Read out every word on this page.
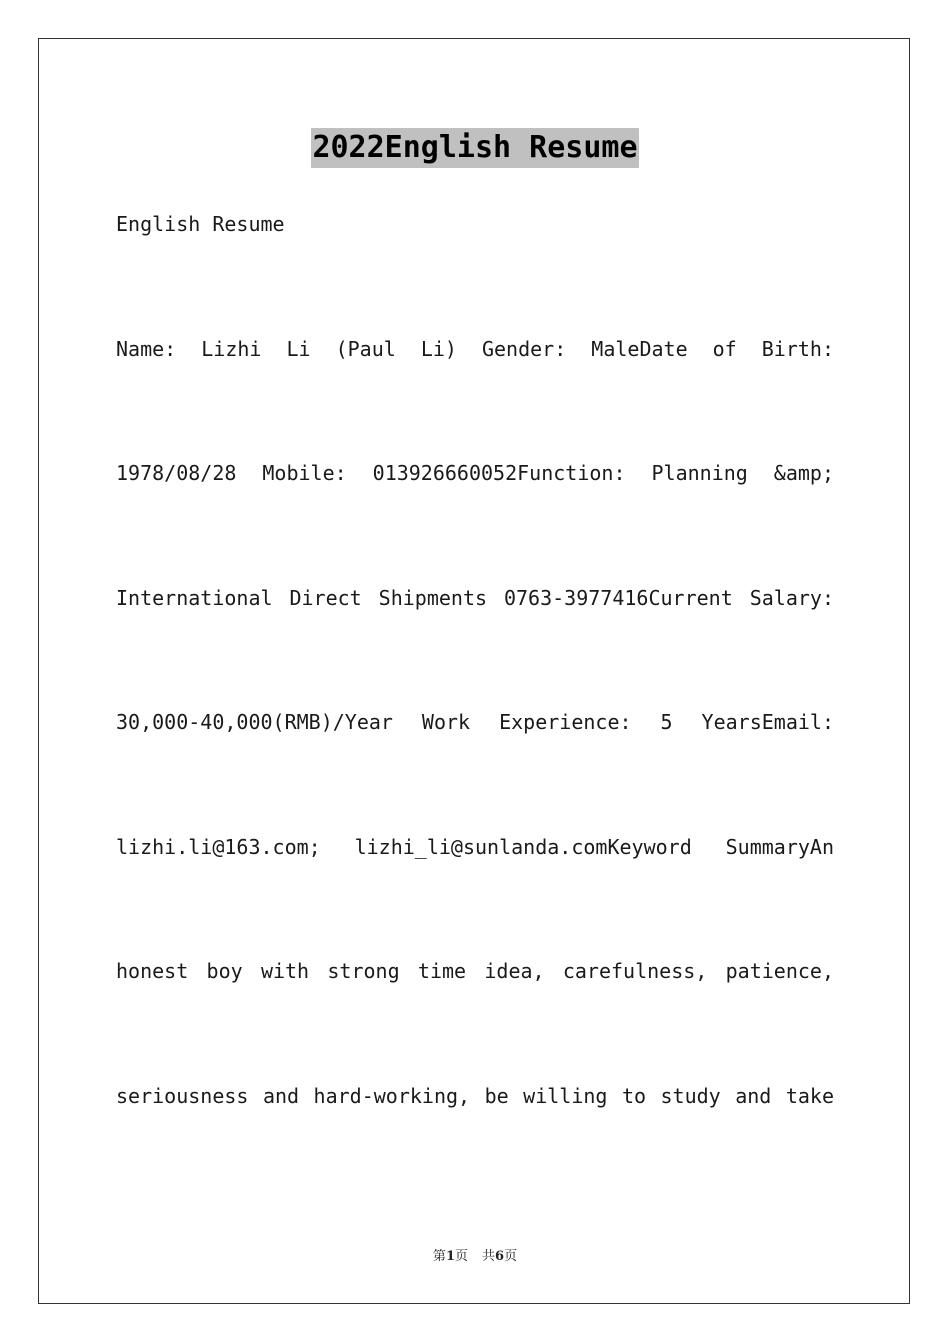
2022English Resume

English Resume

Name: Lizhi Li (Paul Li) Gender: MaleDate of Birth:

1978/08/28 Mobile: 013926660052Function: Planning &amp;

International Direct Shipments 0763-3977416Current Salary:

30,000-40,000(RMB)/Year Work Experience: 5 YearsEmail:

lizhi.li@163.com; lizhi_li@sunlanda.comKeyword SummaryAn

honest boy with strong time idea, carefulness, patience,

seriousness and hard-working, be willing to study and take

第1页 共6页
